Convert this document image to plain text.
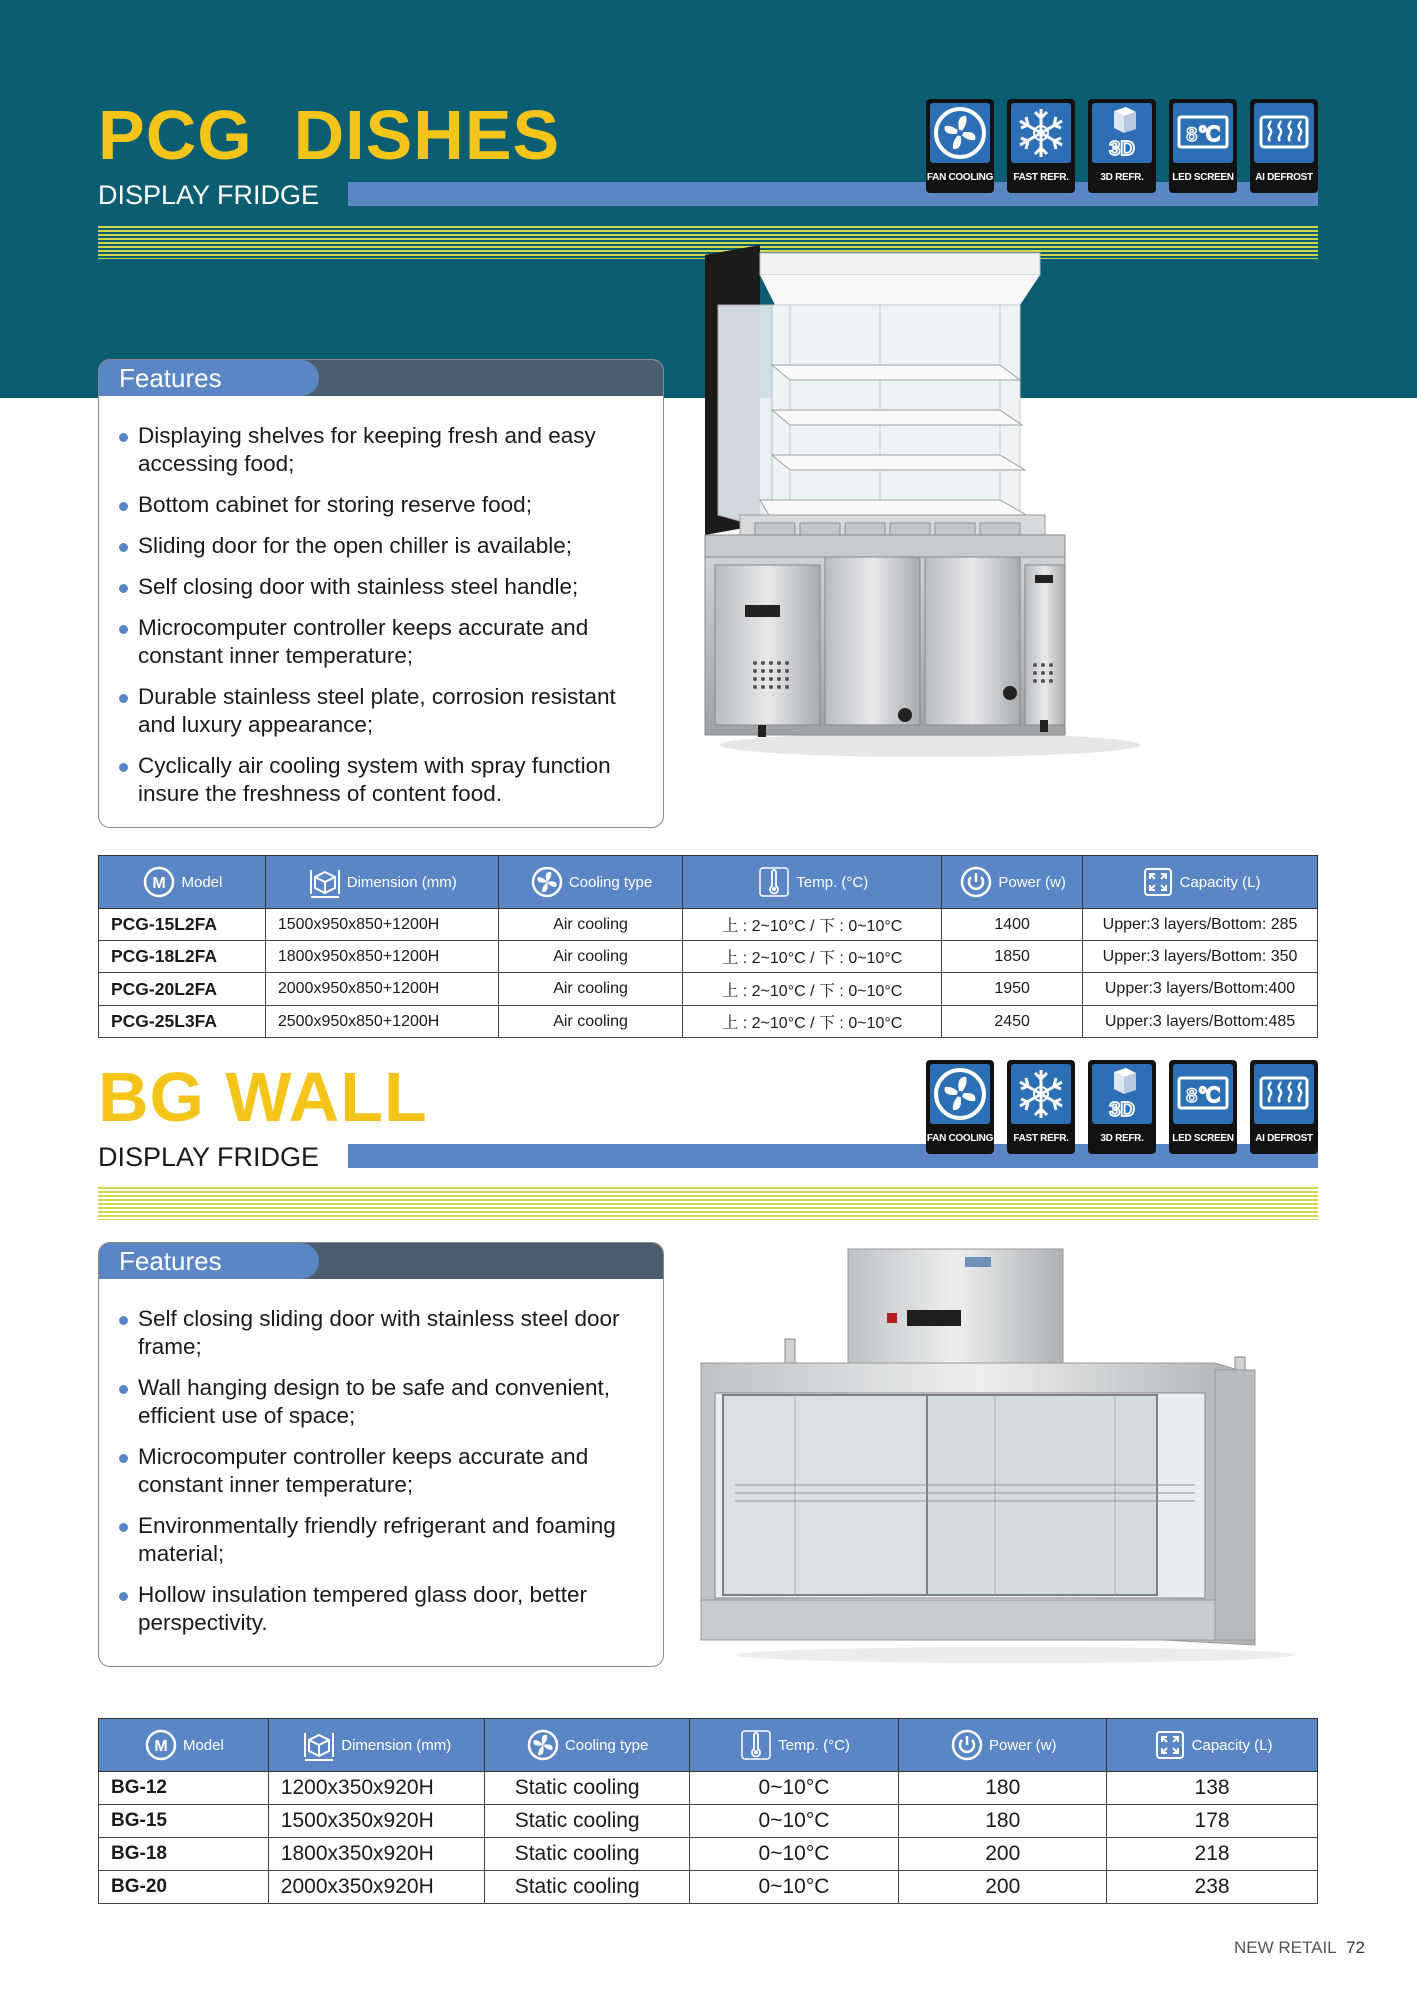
PCG  DISHES
DISPLAY FRIDGE
FAN COOLING	FAST REFR.
3D
3D REFR.
8℃
LED SCREEN	AI DEFROST
Features
Displaying shelves for keeping fresh and easy accessing food;
Bottom cabinet for storing reserve food;
Sliding door for the open chiller is available;
Self closing door with stainless steel handle;
Microcomputer controller keeps accurate and constant inner temperature;
Durable stainless steel plate, corrosion resistant and luxury appearance;
Cyclically air cooling system with spray function insure the freshness of content food.
M Model	Dimension (mm)	Cooling type	Temp. (°C)	Power (w)	Capacity (L)

PCG-15L2FA	1500x950x850+1200H	Air cooling	上 : 2~10°C / 下 : 0~10°C	1400	Upper:3 layers/Bottom: 285
PCG-18L2FA	1800x950x850+1200H	Air cooling	上 : 2~10°C / 下 : 0~10°C	1850	Upper:3 layers/Bottom: 350
PCG-20L2FA	2000x950x850+1200H	Air cooling	上 : 2~10°C / 下 : 0~10°C	1950	Upper:3 layers/Bottom:400
PCG-25L3FA	2500x950x850+1200H	Air cooling	上 : 2~10°C / 下 : 0~10°C	2450	Upper:3 layers/Bottom:485
BG WALL
DISPLAY FRIDGE
FAN COOLING	FAST REFR.
3D
3D REFR.
8℃
LED SCREEN	AI DEFROST
Features
Self closing sliding door with stainless steel door frame;
Wall hanging design to be safe and convenient, efficient use of space;
Microcomputer controller keeps accurate and constant inner temperature;
Environmentally friendly refrigerant and foaming material;
Hollow insulation tempered glass door, better perspectivity.
M Model	Dimension (mm)	Cooling type	Temp. (°C)	Power (w)	Capacity (L)

BG-12	1200x350x920H	Static cooling	0~10°C	180	138
BG-15	1500x350x920H	Static cooling	0~10°C	180	178
BG-18	1800x350x920H	Static cooling	0~10°C	200	218
BG-20	2000x350x920H	Static cooling	0~10°C	200	238
NEW RETAIL 72
